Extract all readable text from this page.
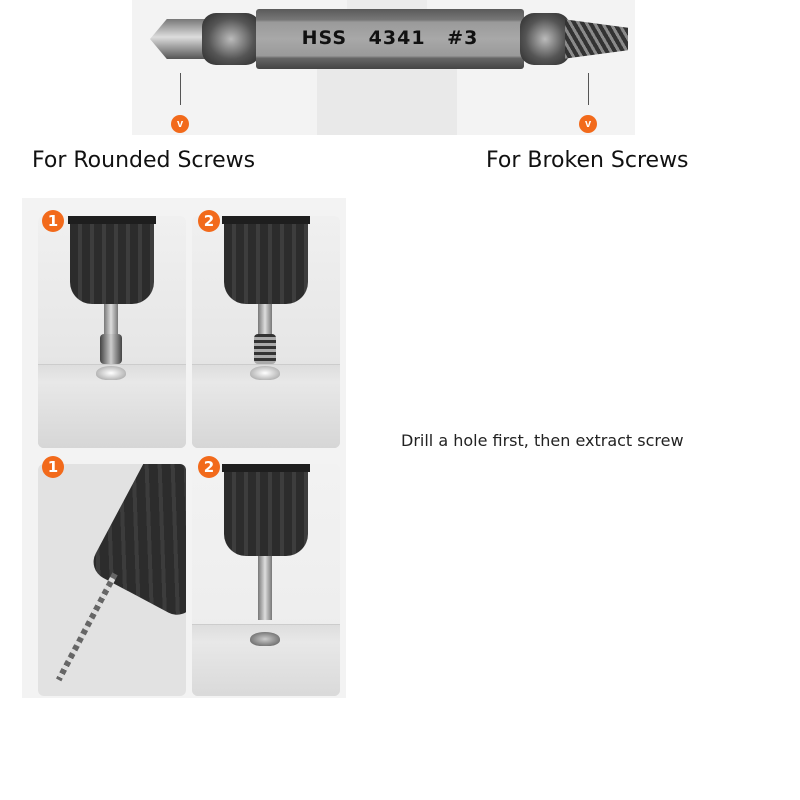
HSS 4341 #3
v	v
For Rounded Screws	For Broken Screws
1	2
1	2
Drill a hole first, then extract screw
